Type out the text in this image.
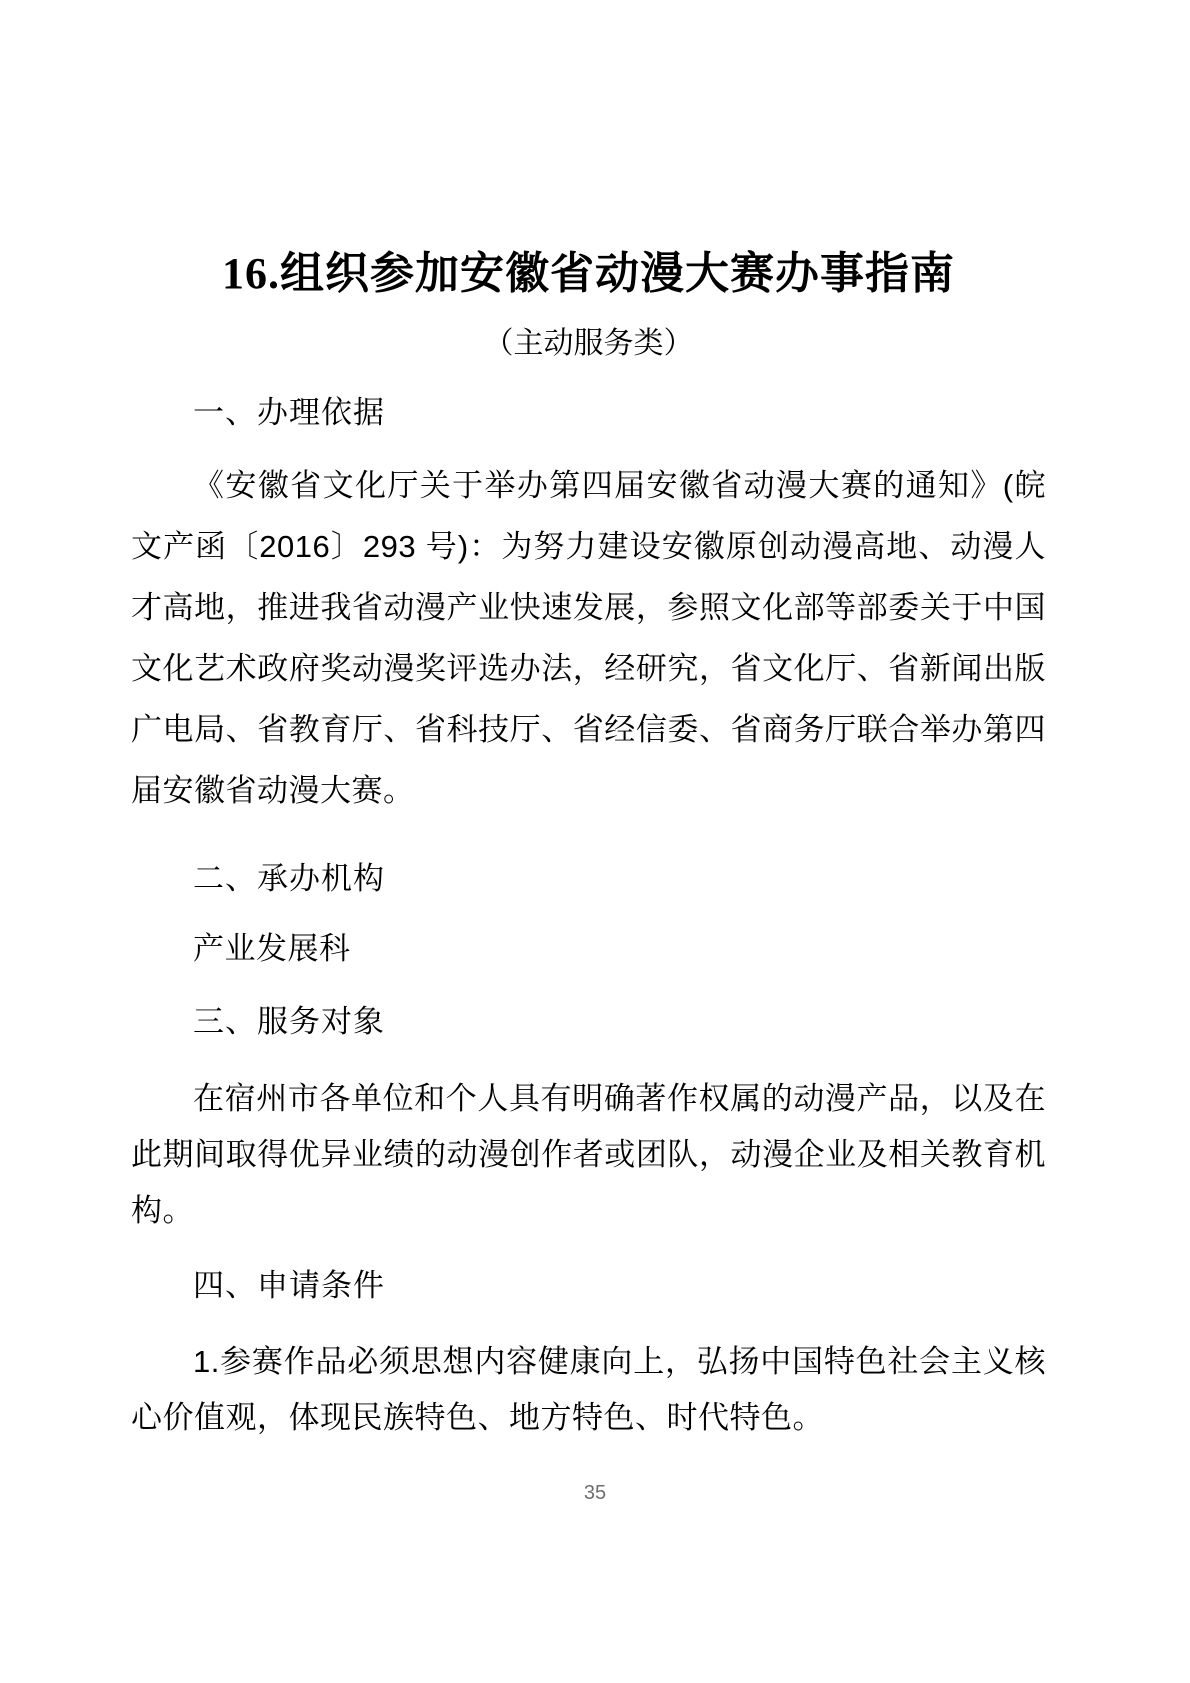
16.组织参加安徽省动漫大赛办事指南
（主动服务类）
一、办理依据

《安徽省文化厅关于举办第四届安徽省动漫大赛的通知》(皖文产函〔2016〕293 号)：为努力建设安徽原创动漫高地、动漫人才高地，推进我省动漫产业快速发展，参照文化部等部委关于中国文化艺术政府奖动漫奖评选办法，经研究，省文化厅、省新闻出版广电局、省教育厅、省科技厅、省经信委、省商务厅联合举办第四届安徽省动漫大赛。

二、承办机构

产业发展科

三、服务对象

在宿州市各单位和个人具有明确著作权属的动漫产品，以及在此期间取得优异业绩的动漫创作者或团队，动漫企业及相关教育机构。

四、申请条件

1.参赛作品必须思想内容健康向上，弘扬中国特色社会主义核心价值观，体现民族特色、地方特色、时代特色。

35
